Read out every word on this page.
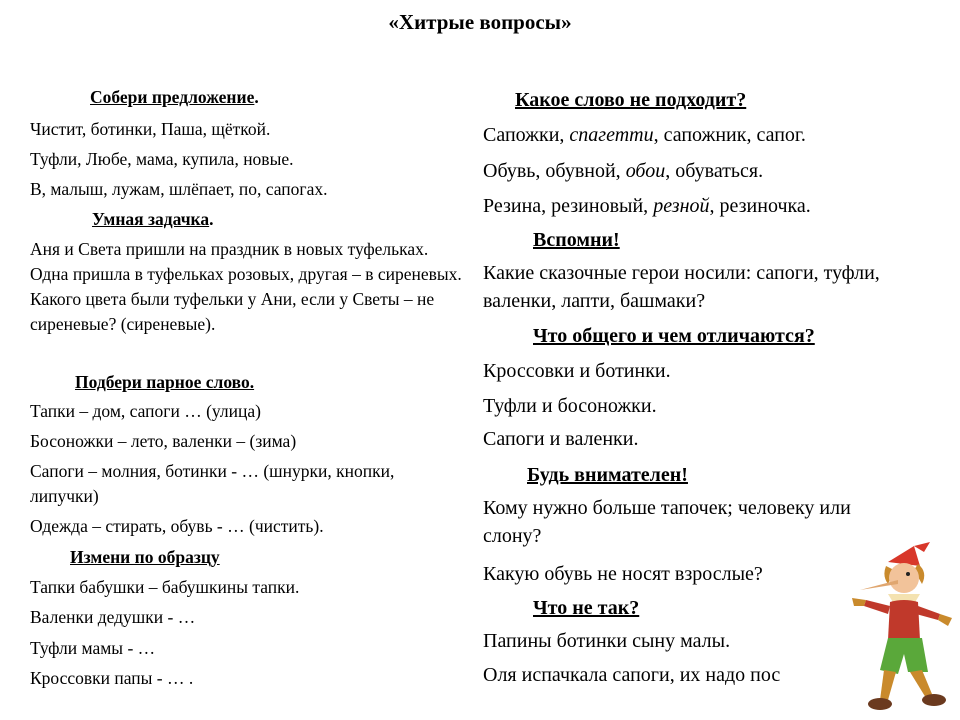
«Хитрые вопросы»
Собери предложение.
Чистит, ботинки, Паша, щёткой.
Туфли, Любе, мама, купила, новые.
В, малыш, лужам, шлёпает, по, сапогах.
Умная задачка.
Аня и Света пришли на праздник в новых туфельках. Одна пришла в туфельках розовых, другая – в сиреневых. Какого цвета были туфельки у Ани, если у Светы – не сиреневые? (сиреневые).
Подбери парное слово.
Тапки – дом, сапоги … (улица)
Босоножки – лето, валенки – (зима)
Сапоги – молния, ботинки - … (шнурки, кнопки, липучки)
Одежда – стирать, обувь - … (чистить).
Измени по образцу
Тапки бабушки – бабушкины тапки.
Валенки дедушки - …
Туфли мамы - …
Кроссовки папы - … .
Какое слово не подходит?
Сапожки, спагетти, сапожник, сапог.
Обувь, обувной, обои, обуваться.
Резина, резиновый, резной, резиночка.
Вспомни!
Какие сказочные герои носили: сапоги, туфли, валенки, лапти, башмаки?
Что общего и чем отличаются?
Кроссовки и ботинки.
Туфли и босоножки.
Сапоги и валенки.
Будь внимателен!
Кому нужно больше тапочек; человеку или слону?
Какую обувь не носят взрослые?
Что не так?
Папины ботинки сыну малы.
Оля испачкала сапоги, их надо пос
